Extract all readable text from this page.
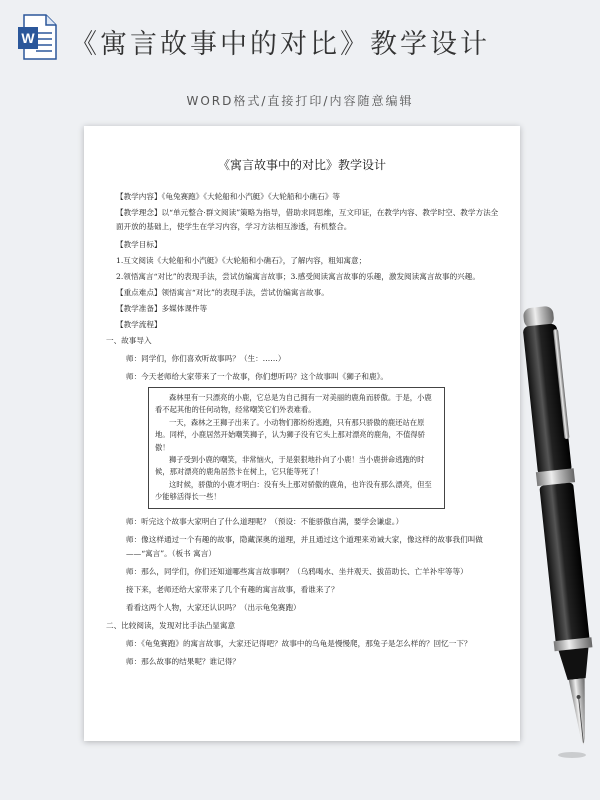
W 《寓言故事中的对比》教学设计
WORD格式/直接打印/内容随意编辑
《寓言故事中的对比》教学设计

【教学内容】《龟兔赛跑》《大轮船和小汽艇》《大轮船和小礁石》等

【教学理念】以“单元整合·群文阅读”策略为指导，借助求同思维，互文印证，在教学内容、教学时空、教学方法全面开放的基础上，使学生在学习内容，学习方法相互渗透，有机整合。

【教学目标】

1.互文阅读《大轮船和小汽艇》《大轮船和小礁石》，了解内容，粗知寓意；

2.领悟寓言“对比”的表现手法，尝试仿编寓言故事；3.感受阅读寓言故事的乐趣，激发阅读寓言故事的兴趣。

【重点难点】领悟寓言“对比”的表现手法，尝试仿编寓言故事。

【教学准备】多媒体课件等

【教学流程】

一、故事导入

师：同学们，你们喜欢听故事吗？（生：……）

师：今天老师给大家带来了一个故事，你们想听吗？这个故事叫《狮子和鹿》。

森林里有一只漂亮的小鹿，它总是为自己拥有一对美丽的鹿角而骄傲。于是，小鹿看不起其他的任何动物，经常嘲笑它们外表难看。

一天，森林之王狮子出来了。小动物们都纷纷逃跑，只有那只骄傲的鹿还站在原地。同样，小鹿居然开始嘲笑狮子，认为狮子没有它头上那对漂亮的鹿角，不值得骄傲！

狮子受到小鹿的嘲笑，非常恼火，于是狠狠地扑向了小鹿！当小鹿拼命逃跑的时候，那对漂亮的鹿角居然卡在树上，它只能等死了！

这时候，骄傲的小鹿才明白：没有头上那对骄傲的鹿角，也许没有那么漂亮，但至少能够活得长一些！

师：听完这个故事大家明白了什么道理呢？（预设：不能骄傲自满，要学会谦虚。）

师：像这样通过一个有趣的故事，隐藏深奥的道理，并且通过这个道理来劝诫大家，像这样的故事我们叫做——“寓言”。（板书 寓言）

师：那么，同学们，你们还知道哪些寓言故事啊？（乌鸦喝水、坐井观天、拔苗助长、亡羊补牢等等）

接下来，老师还给大家带来了几个有趣的寓言故事，看谁来了？

看看这两个人物，大家还认识吗？（出示龟兔赛跑）

二、比较阅读，发现对比手法凸显寓意

师：《龟兔赛跑》的寓言故事，大家还记得吧？故事中的乌龟是慢慢爬，那兔子是怎么样的？回忆一下？

师：那么故事的结果呢？谁记得？
